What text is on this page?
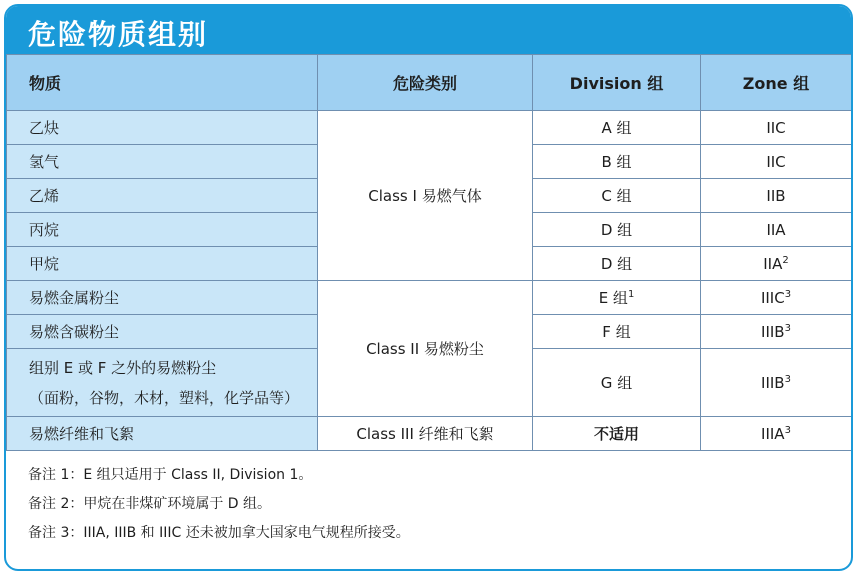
危险物质组别
物质	危险类别	Division 组	Zone 组
乙炔	Class I 易燃气体	A 组	IIC
氢气		B 组	IIC
乙烯		C 组	IIB
丙烷		D 组	IIA
甲烷		D 组	IIA$^2$
易燃金属粉尘	Class II 易燃粉尘	E 组$^1$	IIIC$^3$
易燃含碳粉尘		F 组	IIIB$^3$

组别 E 或 F 之外的易燃粉尘
（面粉，谷物，木材，塑料，化学品等）		G 组	IIIB$^3$
易燃纤维和飞絮	Class III 纤维和飞絮	不适用	IIIA$^3$
备注 1：E 组只适用于 Class II, Division 1。
备注 2：甲烷在非煤矿环境属于 D 组。
备注 3：IIIA, IIIB 和 IIIC 还未被加拿大国家电气规程所接受。
